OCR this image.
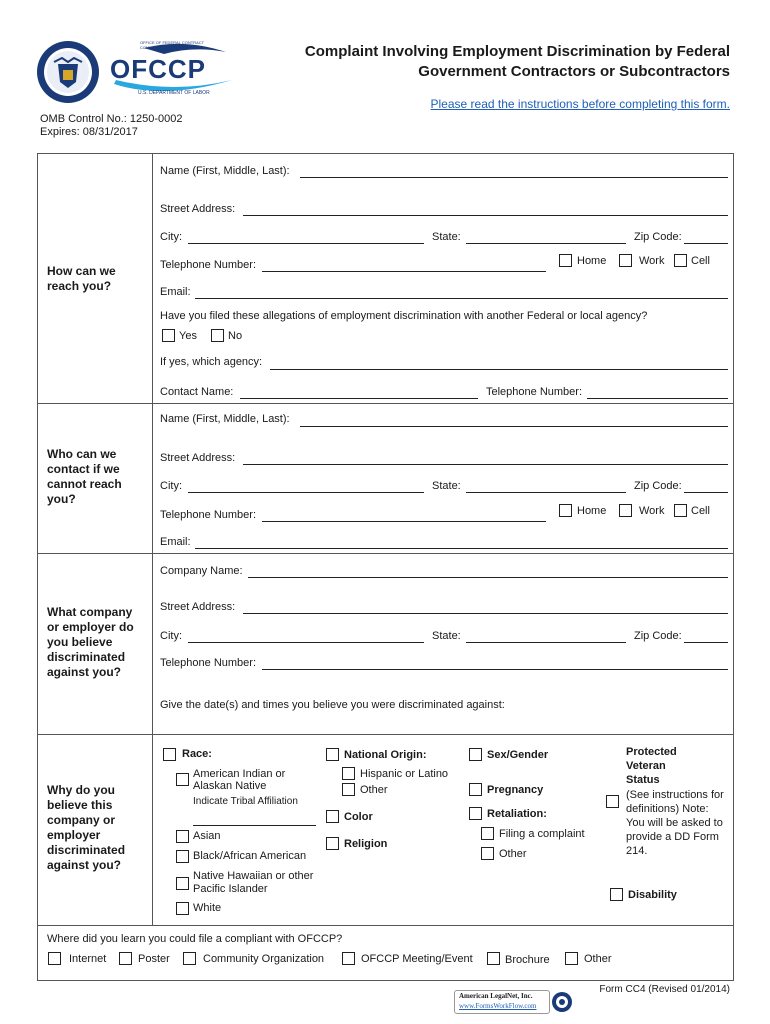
OFCCP
OFFICE OF FEDERAL CONTRACT COMPLIANCE PROGRAMS
U.S. DEPARTMENT OF LABOR
Complaint Involving Employment Discrimination by Federal
Government Contractors or Subcontractors
Please read the instructions before completing this form.
OMB Control No.: 1250-0002
Expires: 08/31/2017
How can we reach you?
Name (First, Middle, Last):
Street Address:
City:	State:	Zip Code:
Telephone Number:	Home	Work Cell
Email:
Have you filed these allegations of employment discrimination with another Federal or local agency?
Yes	No
If yes, which agency:
Contact Name:	Telephone Number:
Who can we contact if we cannot reach you?
Name (First, Middle, Last):
Street Address:
City:	State:	Zip Code:
Telephone Number:	Home	Work Cell
Email:
What company or employer do you believe discriminated against you?
Company Name:
Street Address:
City:	State:	Zip Code:
Telephone Number:
Give the date(s) and times you believe you were discriminated against:
Why do you believe this company or employer discriminated against you?
Race:
American Indian or Alaskan Native
Indicate Tribal Affiliation
Asian
Black/African American
Native Hawaiian or other Pacific Islander
White
National Origin:
Hispanic or Latino
Other
Color
Religion
Sex/Gender
Pregnancy
Retaliation:
Filing a complaint
Other
Protected Veteran Status
(See instructions for definitions) Note: You will be asked to provide a DD Form 214.
Disability
Where did you learn you could file a compliant with OFCCP?
Internet	Poster	Community Organization	OFCCP Meeting/Event	Brochure	Other
Form CC4 (Revised 01/2014)
American LegalNet, Inc.
www.FormsWorkFlow.com
